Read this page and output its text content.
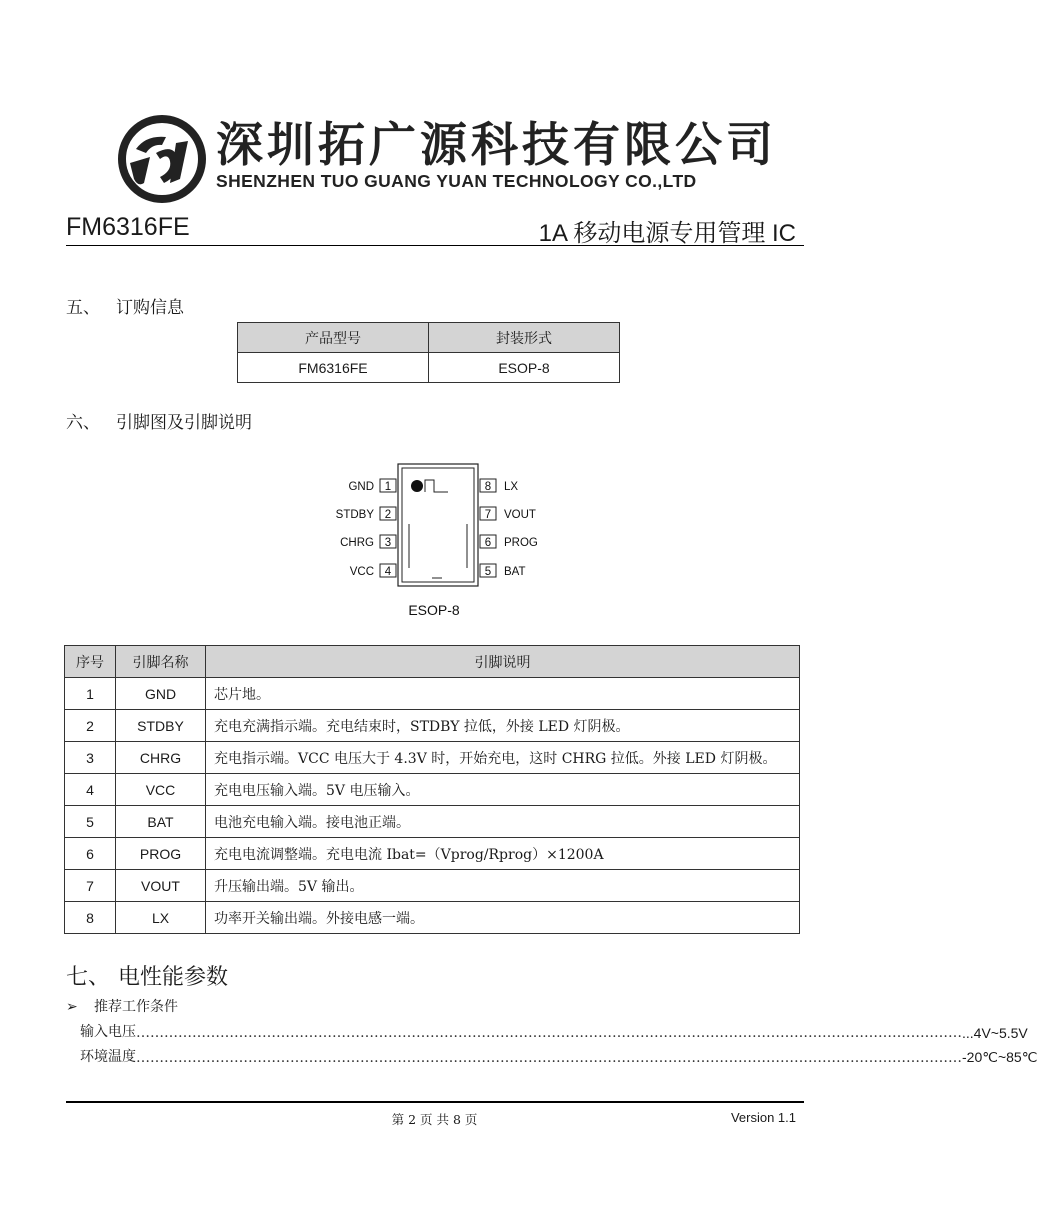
TGY 深圳拓广源科技有限公司
SHENZHEN TUO GUANG YUAN TECHNOLOGY CO.,LTD
FM6316FE	1A 移动电源专用管理 IC
五、 订购信息
产品型号	封装形式
FM6316FE	ESOP-8
六、 引脚图及引脚说明
1
2
3
4
GND
STDBY
CHRG
VCC
8
7
6
5
LX
VOUT
PROG
BAT
ESOP-8
序号	引脚名称	引脚说明
1	GND	芯片地。
2	STDBY	充电充满指示端。充电结束时，STDBY 拉低，外接 LED 灯阴极。
3	CHRG	充电指示端。VCC 电压大于 4.3V 时，开始充电，这时 CHRG 拉低。外接 LED 灯阴极。
4	VCC	充电电压输入端。5V 电压输入。
5	BAT	电池充电输入端。接电池正端。
6	PROG	充电电流调整端。充电电流 Ibat=（Vprog/Rprog）×1200A
7	VOUT	升压输出端。5V 输出。
8	LX	功率开关输出端。外接电感一端。
七、 电性能参数
➢ 推荐工作条件
输入电压 …………………………………………………………………………………………………………………………………………………………… ...4V~5.5V
环境温度 …………………………………………………………………………………………………………………………………………………………… -20℃~85℃
第 2 页 共 8 页	Version 1.1
